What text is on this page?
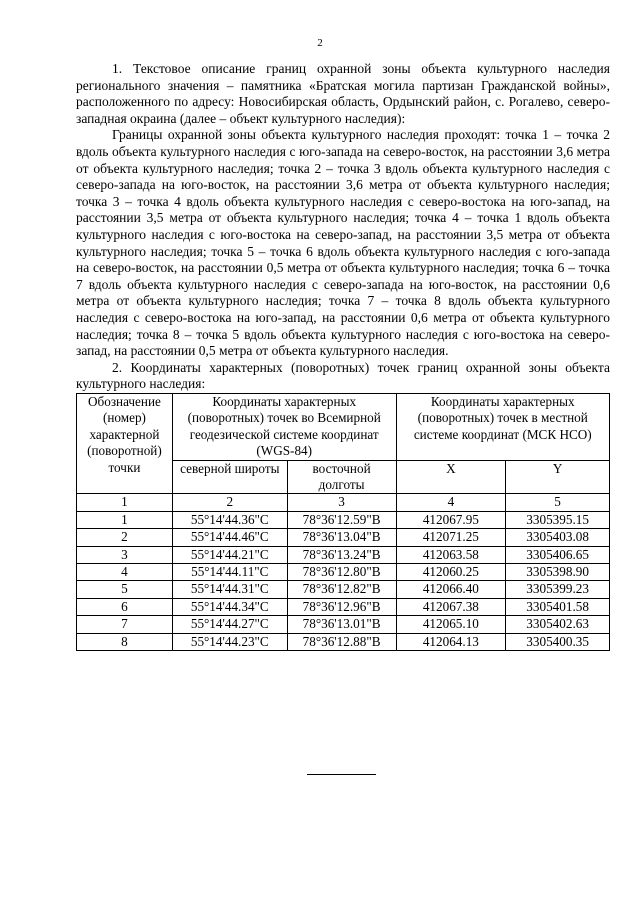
2

1. Текстовое описание границ охранной зоны объекта культурного наследия регионального значения – памятника «Братская могила партизан Гражданской войны», расположенного по адресу: Новосибирская область, Ордынский район, с. Рогалево, северо-западная окраина (далее – объект культурного наследия):

Границы охранной зоны объекта культурного наследия проходят: точка 1 – точка 2 вдоль объекта культурного наследия с юго-запада на северо-восток, на расстоянии 3,6 метра от объекта культурного наследия; точка 2 – точка 3 вдоль объекта культурного наследия с северо-запада на юго-восток, на расстоянии 3,6 метра от объекта культурного наследия; точка 3 – точка 4 вдоль объекта культурного наследия с северо-востока на юго-запад, на расстоянии 3,5 метра от объекта культурного наследия; точка 4 – точка 1 вдоль объекта культурного наследия с юго-востока на северо-запад, на расстоянии 3,5 метра от объекта культурного наследия; точка 5 – точка 6 вдоль объекта культурного наследия с юго-запада на северо-восток, на расстоянии 0,5 метра от объекта культурного наследия; точка 6 – точка 7 вдоль объекта культурного наследия с северо-запада на юго-восток, на расстоянии 0,6 метра от объекта культурного наследия; точка 7 – точка 8 вдоль объекта культурного наследия с северо-востока на юго-запад, на расстоянии 0,6 метра от объекта культурного наследия; точка 8 – точка 5 вдоль объекта культурного наследия с юго-востока на северо-запад, на расстоянии 0,5 метра от объекта культурного наследия.

2. Координаты характерных (поворотных) точек границ охранной зоны объекта культурного наследия:

Обозначение (номер) характерной (поворотной) точки	Координаты характерных (поворотных) точек во Всемирной геодезической системе координат (WGS-84)		Координаты характерных (поворотных) точек в местной системе координат (МСК НСО)	
	северной широты	восточной долготы	X	Y
1	2	3	4	5
1	55°14'44.36"С	78°36'12.59"В	412067.95	3305395.15
2	55°14'44.46"С	78°36'13.04"В	412071.25	3305403.08
3	55°14'44.21"С	78°36'13.24"В	412063.58	3305406.65
4	55°14'44.11"С	78°36'12.80"В	412060.25	3305398.90
5	55°14'44.31"С	78°36'12.82"В	412066.40	3305399.23
6	55°14'44.34"С	78°36'12.96"В	412067.38	3305401.58
7	55°14'44.27"С	78°36'13.01"В	412065.10	3305402.63
8	55°14'44.23"С	78°36'12.88"В	412064.13	3305400.35
